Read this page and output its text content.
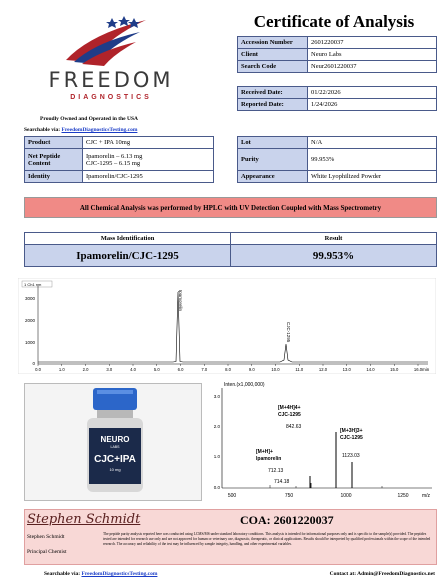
FREEDOM
DIAGNOSTICS
Proudly Owned and Operated in the USA
Searchable via: FreedomDiagnosticsTesting.com
Certificate of Analysis
Accession Number	2601220037
Client	Neuro Labs
Search Code	Neur2601220037
Received Date:	01/22/2026
Reported Date:	1/24/2026
Product	CJC + IPA 10mg
Net Peptide Content	Ipamorelin – 6.13 mg
CJC-1295 – 6.15 mg

Identity	Ipamorelin/CJC-1295
Lot	N/A
Purity	99.953%
Appearance	White Lyophilized Powder
All Chemical Analysis was performed by HPLC with UV Detection Coupled with Mass Spectrometry
Mass Identification	Result
Ipamorelin/CJC-1295	99.953%
1 Ch1 nm
3000
2000
1000
0
0.0	1.0	2.0	3.0	4.0	5.0	6.0	7.0	8.0	9.0	10.0	11.0	12.0	13.0	14.0	15.0	16.0 min
Ipamorelin
CJC-1295
NEURO
LABS
CJC+IPA
10 mg
Inten.(x1,000,000)
3.0
2.0
1.0
0.0
500	750	1000	1250	m/z
[M+4H]4+
CJC-1295
842.63
[M+3H]3+
CJC-1295
1123.03
[M+H]+
Ipamorelin
712.13
714.18
Stephen Schmidt	COA: 2601220037
Stephen Schmidt
Principal Chemist
The peptide purity analysis reported here was conducted using LCMS/MS under standard laboratory conditions. This analysis is intended for informational purposes only and is specific to the sample(s) provided. The peptides tested are intended for research use only and are not approved for human or veterinary use, diagnostic, therapeutic, or clinical applications. Results should be interpreted by qualified professionals within the scope of the intended research. The accuracy and reliability of the test may be influenced by sample integrity, handling, and other experimental variables.
Searchable via: FreedomDiagnosticsTesting.com	Contact at: Admin@FreedomDiagnostics.net
